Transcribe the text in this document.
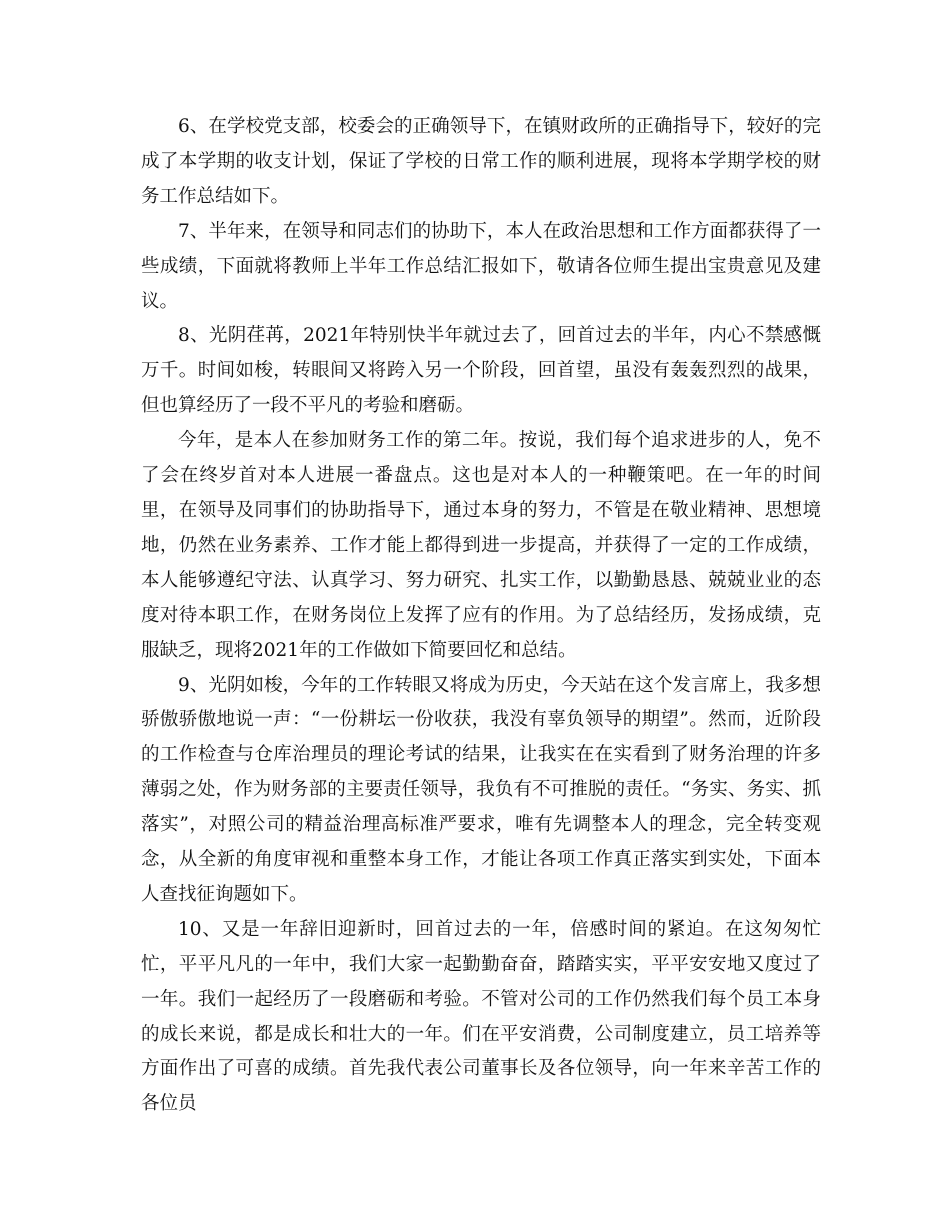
6、在学校党支部，校委会的正确领导下，在镇财政所的正确指导下，较好的完成了本学期的收支计划，保证了学校的日常工作的顺利进展，现将本学期学校的财务工作总结如下。

7、半年来，在领导和同志们的协助下，本人在政治思想和工作方面都获得了一些成绩，下面就将教师上半年工作总结汇报如下，敬请各位师生提出宝贵意见及建议。

8、光阴荏苒，2021年特别快半年就过去了，回首过去的半年，内心不禁感慨万千。时间如梭，转眼间又将跨入另一个阶段，回首望，虽没有轰轰烈烈的战果，但也算经历了一段不平凡的考验和磨砺。

今年，是本人在参加财务工作的第二年。按说，我们每个追求进步的人，免不了会在终岁首对本人进展一番盘点。这也是对本人的一种鞭策吧。在一年的时间里，在领导及同事们的协助指导下，通过本身的努力，不管是在敬业精神、思想境地，仍然在业务素养、工作才能上都得到进一步提高，并获得了一定的工作成绩，本人能够遵纪守法、认真学习、努力研究、扎实工作，以勤勤恳恳、兢兢业业的态度对待本职工作，在财务岗位上发挥了应有的作用。为了总结经历，发扬成绩，克服缺乏，现将2021年的工作做如下简要回忆和总结。

9、光阴如梭，今年的工作转眼又将成为历史，今天站在这个发言席上，我多想骄傲骄傲地说一声：“一份耕坛一份收获，我没有辜负领导的期望”。然而，近阶段的工作检查与仓库治理员的理论考试的结果，让我实在在实看到了财务治理的许多薄弱之处，作为财务部的主要责任领导，我负有不可推脱的责任。“务实、务实、抓落实”，对照公司的精益治理高标准严要求，唯有先调整本人的理念，完全转变观念，从全新的角度审视和重整本身工作，才能让各项工作真正落实到实处，下面本人查找征询题如下。

10、又是一年辞旧迎新时，回首过去的一年，倍感时间的紧迫。在这匆匆忙忙，平平凡凡的一年中，我们大家一起勤勤奋奋，踏踏实实，平平安安地又度过了一年。我们一起经历了一段磨砺和考验。不管对公司的工作仍然我们每个员工本身的成长来说，都是成长和壮大的一年。们在平安消费，公司制度建立，员工培养等方面作出了可喜的成绩。首先我代表公司董事长及各位领导，向一年来辛苦工作的各位员
